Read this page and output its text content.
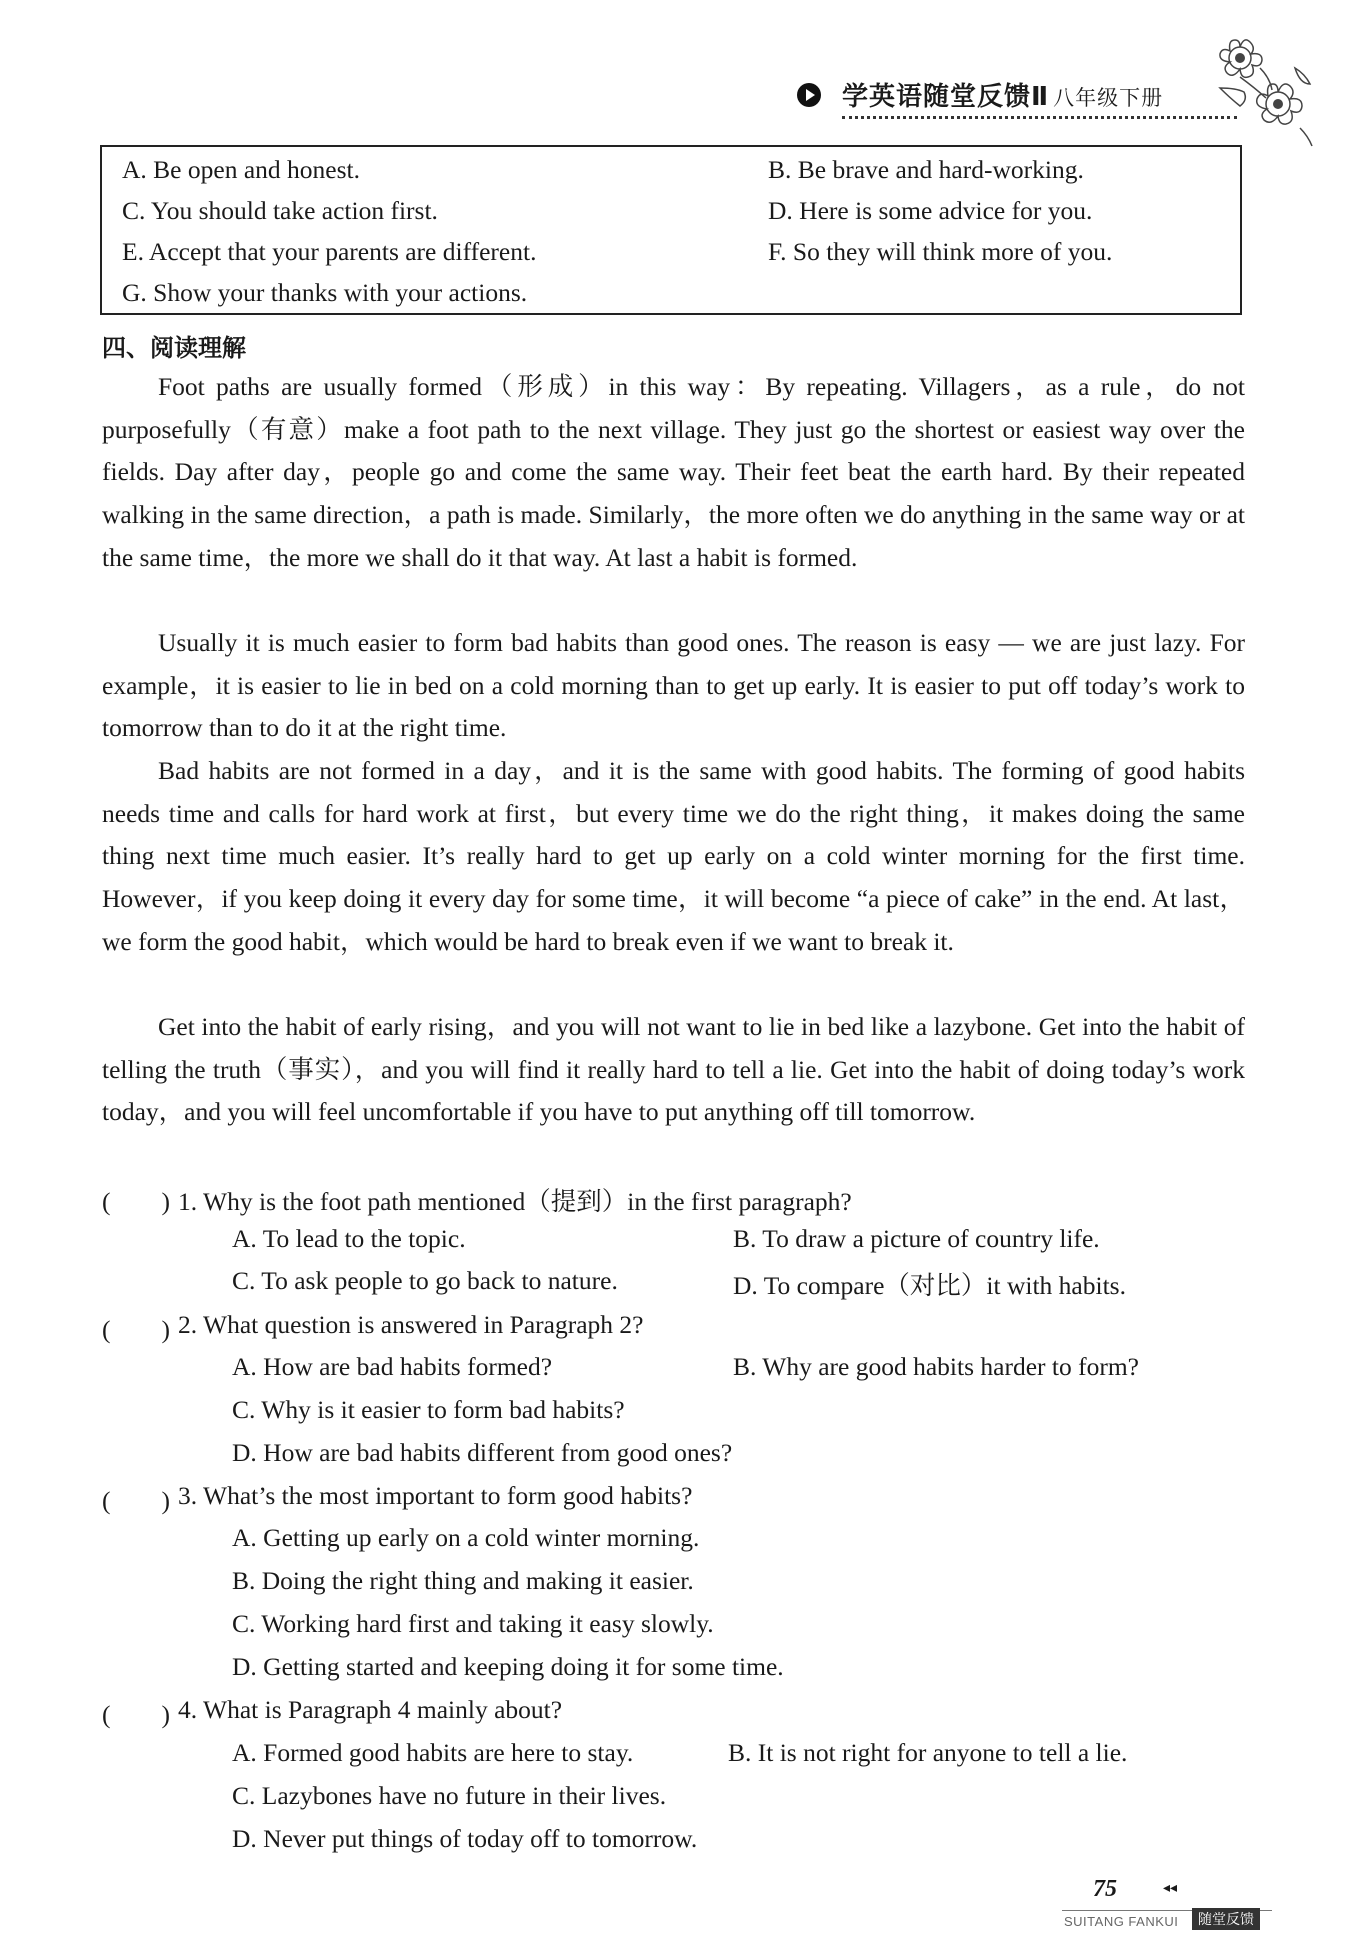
学英语随堂反馈Ⅱ 八年级下册
A. Be open and honest.	B. Be brave and hard-working.
C. You should take action first.	D. Here is some advice for you.
E. Accept that your parents are different.	F. So they will think more of you.
G. Show your thanks with your actions.
四、阅读理解

Foot paths are usually formed（形成）in this way：By repeating. Villagers，as a rule，do not purposefully（有意）make a foot path to the next village. They just go the shortest or easiest way over the fields. Day after day，people go and come the same way. Their feet beat the earth hard. By their repeated walking in the same direction，a path is made. Similarly，the more often we do anything in the same way or at the same time，the more we shall do it that way. At last a habit is formed.

Usually it is much easier to form bad habits than good ones. The reason is easy — we are just lazy. For example，it is easier to lie in bed on a cold morning than to get up early. It is easier to put off today’s work to tomorrow than to do it at the right time.

Bad habits are not formed in a day，and it is the same with good habits. The forming of good habits needs time and calls for hard work at first，but every time we do the right thing，it makes doing the same thing next time much easier. It’s really hard to get up early on a cold winter morning for the first time. However，if you keep doing it every day for some time，it will become “a piece of cake” in the end. At last，we form the good habit，which would be hard to break even if we want to break it.

Get into the habit of early rising，and you will not want to lie in bed like a lazybone. Get into the habit of telling the truth（事实），and you will find it really hard to tell a lie. Get into the habit of doing today’s work today，and you will feel uncomfortable if you have to put anything off till tomorrow.

(　　) 1. Why is the foot path mentioned（提到）in the first paragraph?
A. To lead to the topic.	B. To draw a picture of country life.
C. To ask people to go back to nature.	D. To compare（对比）it with habits.
(　　) 2. What question is answered in Paragraph 2?
A. How are bad habits formed?	B. Why are good habits harder to form?
C. Why is it easier to form bad habits?
D. How are bad habits different from good ones?
(　　) 3. What’s the most important to form good habits?
A. Getting up early on a cold winter morning.
B. Doing the right thing and making it easier.
C. Working hard first and taking it easy slowly.
D. Getting started and keeping doing it for some time.
(　　) 4. What is Paragraph 4 mainly about?
A. Formed good habits are here to stay.	B. It is not right for anyone to tell a lie.
C. Lazybones have no future in their lives.
D. Never put things of today off to tomorrow.
75	◂◂
SUITANG FANKUI	随堂反馈
